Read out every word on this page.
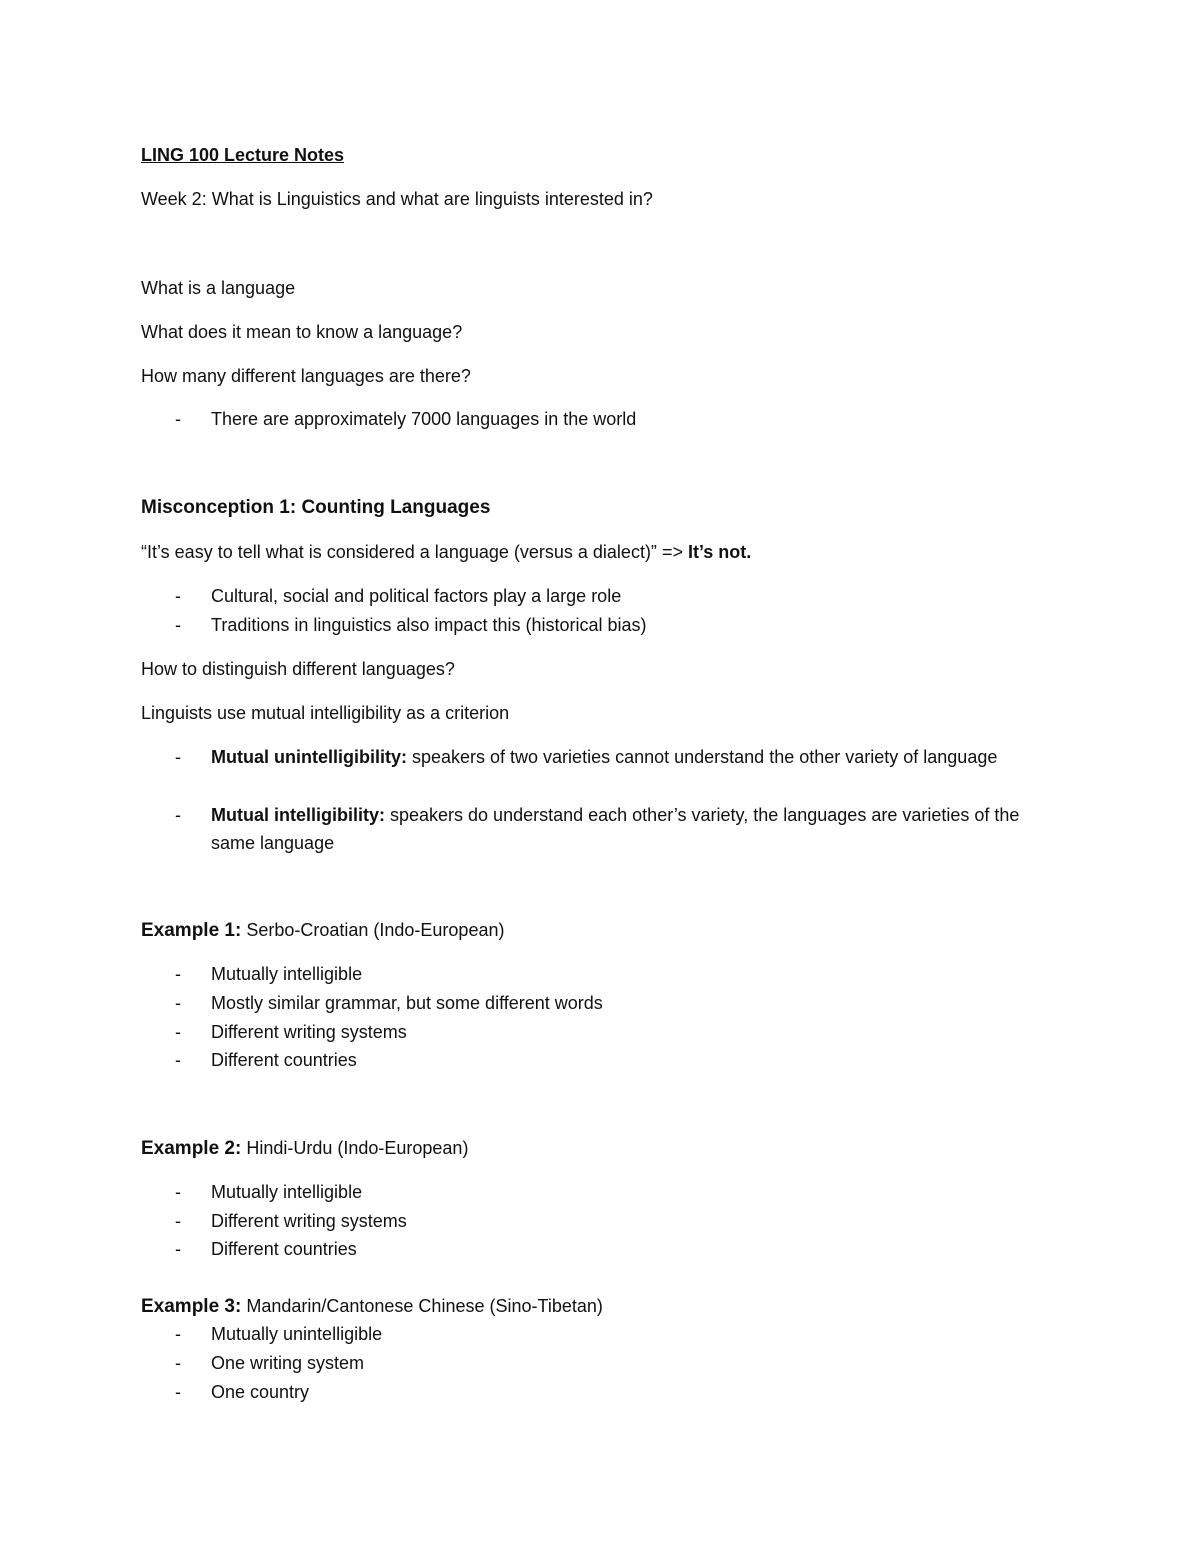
LING 100 Lecture Notes
Week 2: What is Linguistics and what are linguists interested in?
What is a language
What does it mean to know a language?
How many different languages are there?
- There are approximately 7000 languages in the world
Misconception 1: Counting Languages
“It’s easy to tell what is considered a language (versus a dialect)” => It’s not.
- Cultural, social and political factors play a large role
- Traditions in linguistics also impact this (historical bias)
How to distinguish different languages?
Linguists use mutual intelligibility as a criterion
- Mutual unintelligibility: speakers of two varieties cannot understand the other variety of language
- Mutual intelligibility: speakers do understand each other’s variety, the languages are varieties of the same language
Example 1: Serbo-Croatian (Indo-European)
- Mutually intelligible
- Mostly similar grammar, but some different words
- Different writing systems
- Different countries
Example 2: Hindi-Urdu (Indo-European)
- Mutually intelligible
- Different writing systems
- Different countries
Example 3: Mandarin/Cantonese Chinese (Sino-Tibetan)
- Mutually unintelligible
- One writing system
- One country
